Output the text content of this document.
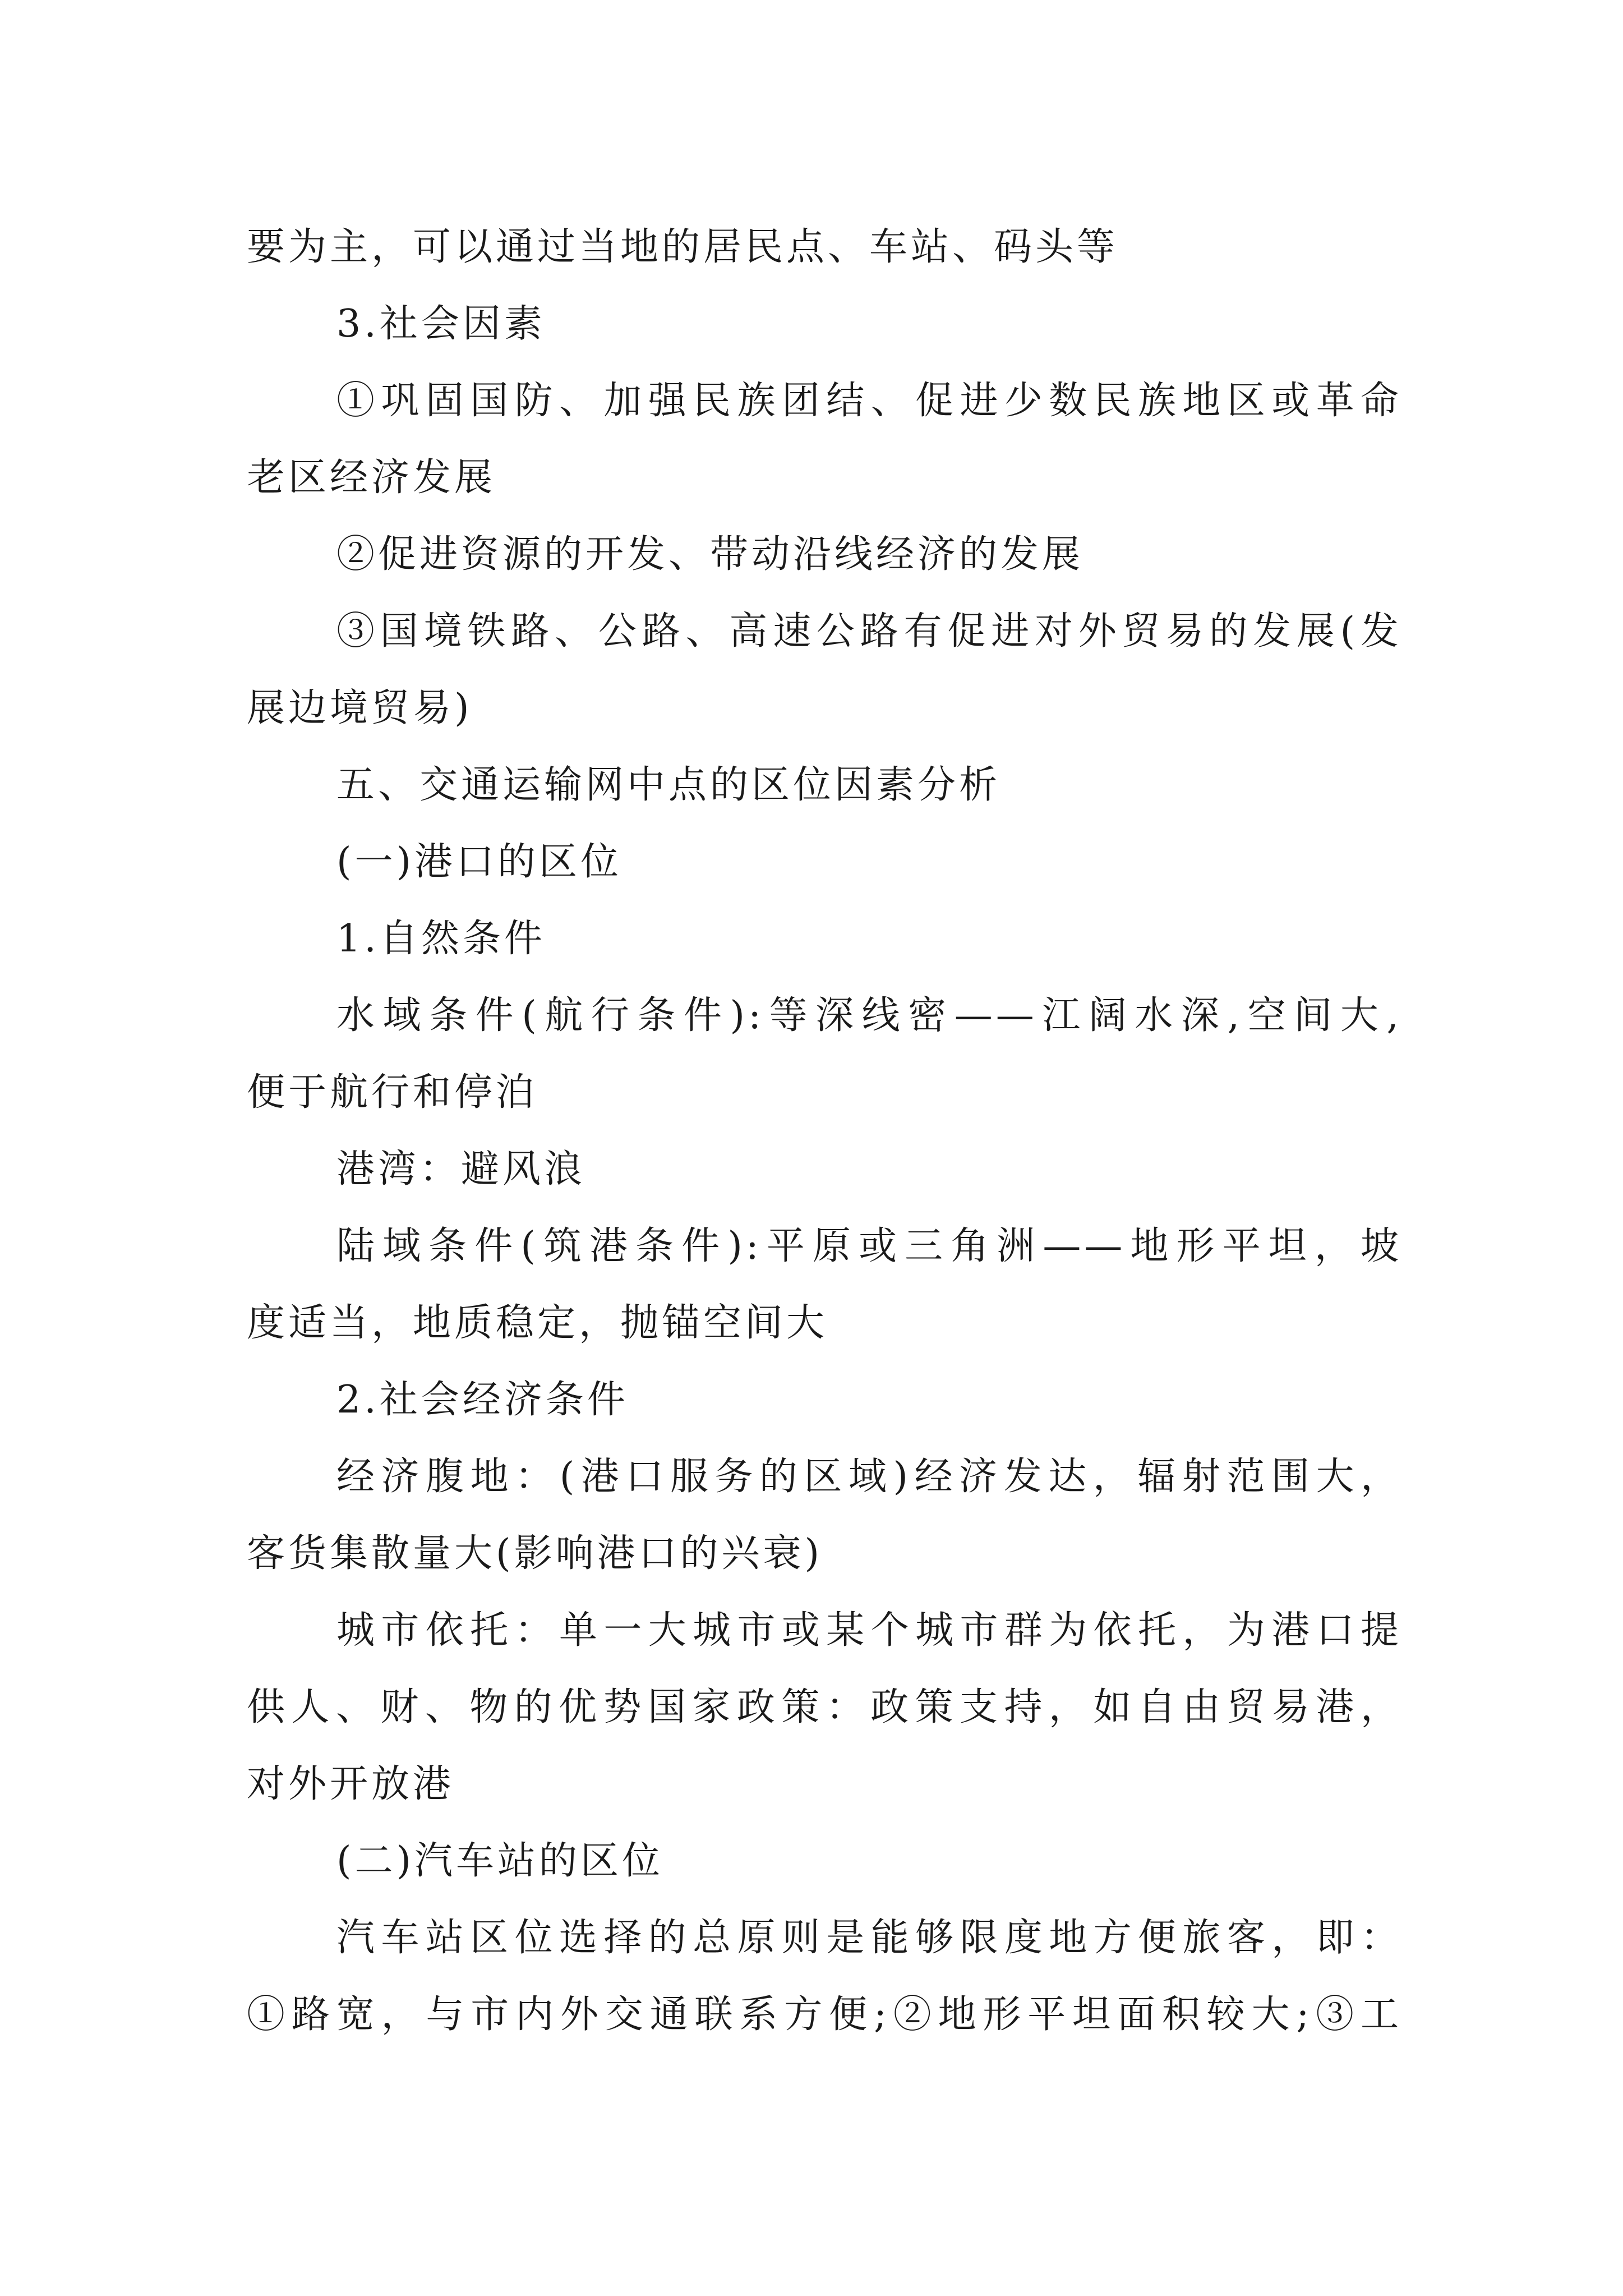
要为主，可以通过当地的居民点、车站、码头等
3.社会因素
①巩固国防、加强民族团结、促进少数民族地区或革命
老区经济发展
②促进资源的开发、带动沿线经济的发展
③国境铁路、公路、高速公路有促进对外贸易的发展(发
展边境贸易)
五、交通运输网中点的区位因素分析
(一)港口的区位
1.自然条件
水域条件(航行条件):等深线密——江阔水深,空间大,
便于航行和停泊
港湾：避风浪
陆域条件(筑港条件):平原或三角洲——地形平坦，坡
度适当，地质稳定，抛锚空间大
2.社会经济条件
经济腹地：(港口服务的区域)经济发达，辐射范围大，
客货集散量大(影响港口的兴衰)
城市依托：单一大城市或某个城市群为依托，为港口提
供人、财、物的优势国家政策：政策支持，如自由贸易港，
对外开放港
(二)汽车站的区位
汽车站区位选择的总原则是能够限度地方便旅客，即：
①路宽，与市内外交通联系方便;②地形平坦面积较大;③工
